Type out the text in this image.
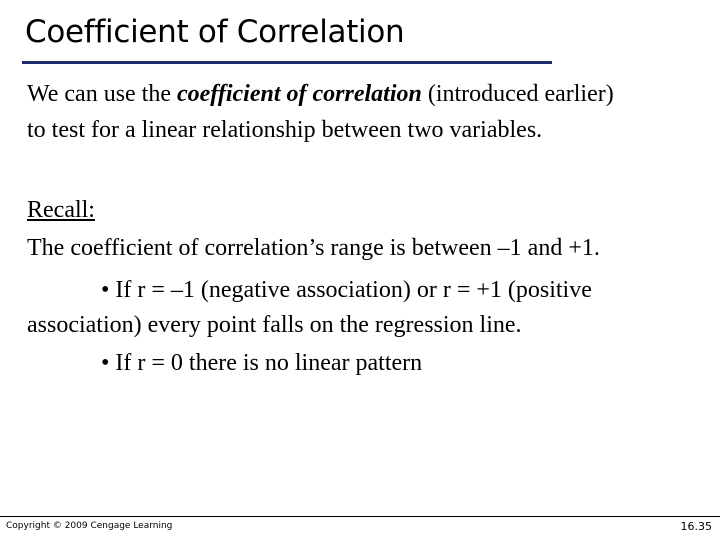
Coefficient of Correlation
We can use the coefficient of correlation (introduced earlier)
to test for a linear relationship between two variables.
Recall:
The coefficient of correlation’s range is between –1 and +1.
• If r = –1 (negative association) or r = +1 (positive
association) every point falls on the regression line.
• If r = 0 there is no linear pattern
Copyright © 2009 Cengage Learning	16.35
